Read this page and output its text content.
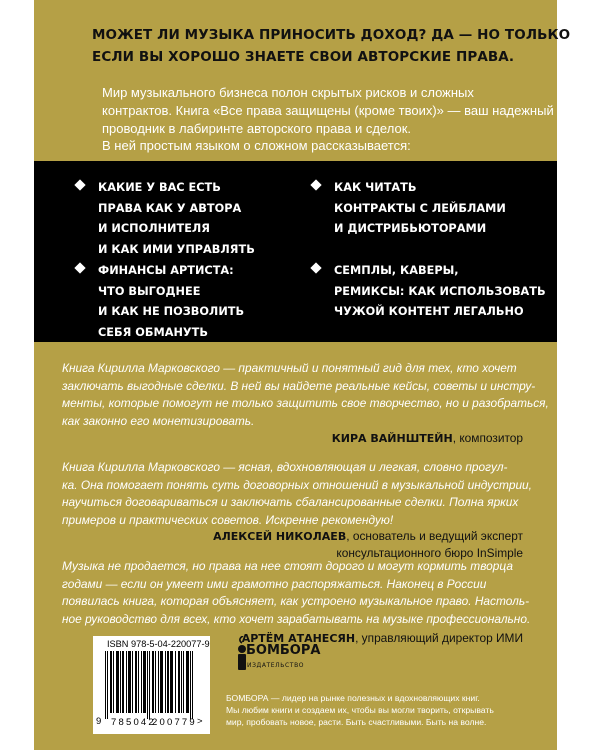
МОЖЕТ ЛИ МУЗЫКА ПРИНОСИТЬ ДОХОД? ДА — НО ТОЛЬКО
ЕСЛИ ВЫ ХОРОШО ЗНАЕТЕ СВОИ АВТОРСКИЕ ПРАВА.

Мир музыкального бизнеса полон скрытых рисков и сложных
контрактов. Книга «Все права защищены (кроме твоих)» — ваш надежный
проводник в лабиринте авторского права и сделок.
В ней простым языком о сложном рассказывается:

КАКИЕ У ВАС ЕСТЬ
ПРАВА КАК У АВТОРА
И ИСПОЛНИТЕЛЯ
И КАК ИМИ УПРАВЛЯТЬ
КАК ЧИТАТЬ
КОНТРАКТЫ С ЛЕЙБЛАМИ
И ДИСТРИБЬЮТОРАМИ
ФИНАНСЫ АРТИСТА:
ЧТО ВЫГОДНЕЕ
И КАК НЕ ПОЗВОЛИТЬ
СЕБЯ ОБМАНУТЬ
СЕМПЛЫ, КАВЕРЫ,
РЕМИКСЫ: КАК ИСПОЛЬЗОВАТЬ
ЧУЖОЙ КОНТЕНТ ЛЕГАЛЬНО

Книга Кирилла Марковского — практичный и понятный гид для тех, кто хочет
заключать выгодные сделки. В ней вы найдете реальные кейсы, советы и инстру-
менты, которые помогут не только защитить свое творчество, но и разобраться,
как законно его монетизировать.

КИРА ВАЙНШТЕЙН, композитор

Книга Кирилла Марковского — ясная, вдохновляющая и легкая, словно прогул-
ка. Она помогает понять суть договорных отношений в музыкальной индустрии,
научиться договариваться и заключать сбалансированные сделки. Полна ярких
примеров и практических советов. Искренне рекомендую!

АЛЕКСЕЙ НИКОЛАЕВ, основатель и ведущий эксперт
консультационного бюро InSimple

Музыка не продается, но права на нее стоят дорого и могут кормить творца
годами — если он умеет ими грамотно распоряжаться. Наконец в России
появилась книга, которая объясняет, как устроено музыкальное право. Настоль-
ное руководство для всех, кто хочет зарабатывать на музыке профессионально.

АРТЁМ АТАНЕСЯН, управляющий директор ИМИ

ISBN 978-5-04-220077-9
9 785042
200779 >
БОМБОРА
ИЗДАТЕЛЬСТВО

БОМБОРА — лидер на рынке полезных и вдохновляющих книг.
Мы любим книги и создаем их, чтобы вы могли творить, открывать
мир, пробовать новое, расти. Быть счастливыми. Быть на волне.
